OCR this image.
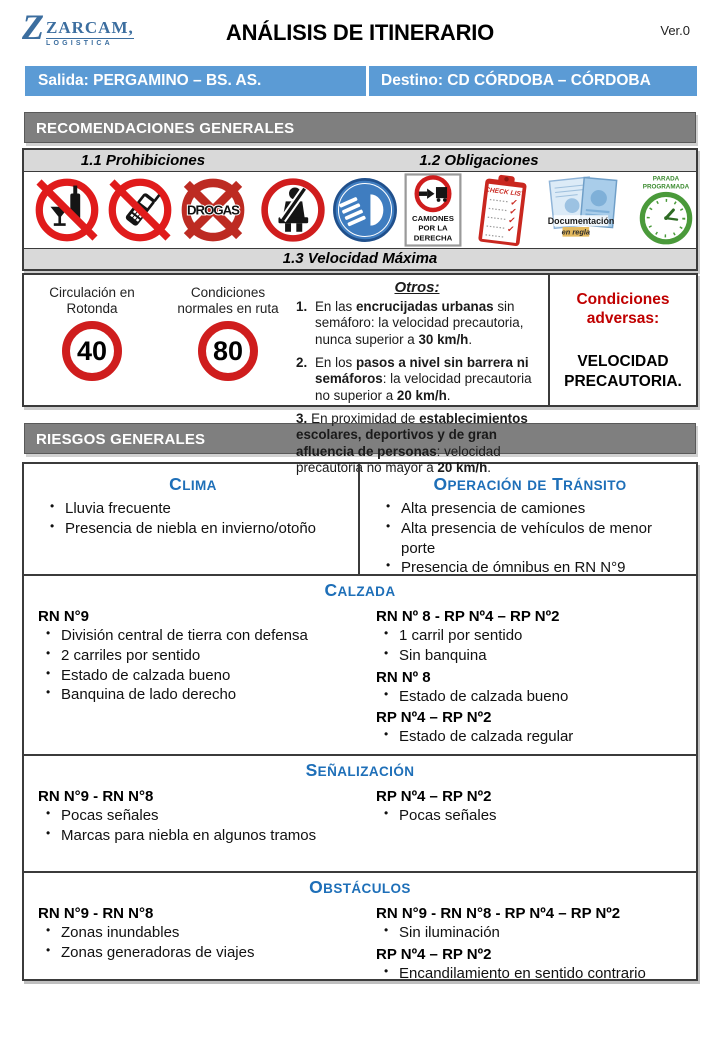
Z ZARCAM,
LOGISTICA	ANÁLISIS DE ITINERARIO	Ver.0
Salida: PERGAMINO – BS. AS.	Destino: CD CÓRDOBA – CÓRDOBA
RECOMENDACIONES GENERALES
1.1 Prohibiciones	1.2 Obligaciones
DROGAS
CAMIONES
POR LA
DERECHA
CHECK LIST
✓
✓
✓
✓
Documentación
en regla
PARADA
PROGRAMADA
1.3 Velocidad Máxima
Circulación en Rotonda
40
Condiciones normales en ruta
80
Otros:
1. En las encrucijadas urbanas sin semáforo: la velocidad precautoria, nunca superior a 30 km/h.
2. En los pasos a nivel sin barrera ni semáforos: la velocidad precautoria no superior a 20 km/h.
3. En proximidad de establecimientos escolares, deportivos y de gran afluencia de personas: velocidad precautoria no mayor a 20 km/h.
Condiciones adversas:
VELOCIDAD PRECAUTORIA.
RIESGOS GENERALES
CLIMA
• Lluvia frecuente
• Presencia de niebla en invierno/otoño
OPERACIÓN DE TRÁNSITO
• Alta presencia de camiones
• Alta presencia de vehículos de menor porte
• Presencia de ómnibus en RN N°9
CALZADA
RN N°9
• División central de tierra con defensa
• 2 carriles por sentido
• Estado de calzada bueno
• Banquina de lado derecho
RN Nº 8 - RP Nº4 – RP Nº2
• 1 carril por sentido
• Sin banquina
RN Nº 8
• Estado de calzada bueno
RP Nº4 – RP Nº2
• Estado de calzada regular
SEÑALIZACIÓN
RN N°9 - RN N°8
• Pocas señales
• Marcas para niebla en algunos tramos
RP Nº4 – RP Nº2
• Pocas señales
OBSTÁCULOS
RN N°9 - RN N°8
• Zonas inundables
• Zonas generadoras de viajes
RN N°9 - RN N°8 - RP Nº4 – RP Nº2
• Sin iluminación
RP Nº4 – RP Nº2
• Encandilamiento en sentido contrario
